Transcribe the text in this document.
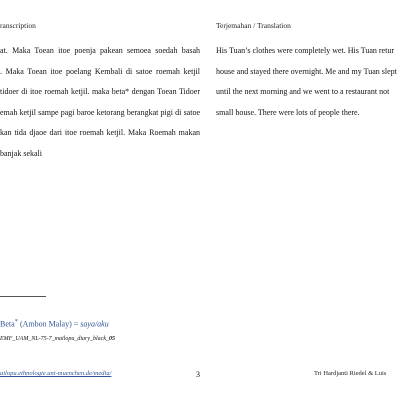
ranscription	Terjemahan / Translation

at. Maka Toean itoe poenja pakean semoea soedah basah

. Maka Toean itoe poelang Kembali di satoe roemah ketjil

tidoer di itoe roemah ketjil. maka beta* dengan Toean Tidoer

emah ketjil sampe pagi baroe ketorang berangkat pigi di satoe

kan tida djaoe dari itoe roemah ketjil. Maka Roemah makan

banjak sekali

His Tuan’s clothes were completely wet. His Tuan retur

house and stayed there overnight. Me and my Tuan slept

until the next morning and we went to a restaurant not

small house. There were lots of people there.

Beta* (Ambon Malay) = saya/aku
EMF_UAM_NL-75-7_mailopu_diary_black_05
ailopu.ethnologie.uni-muenchen.de/media/	3	Tri Hardjanti Riedel & Luis
